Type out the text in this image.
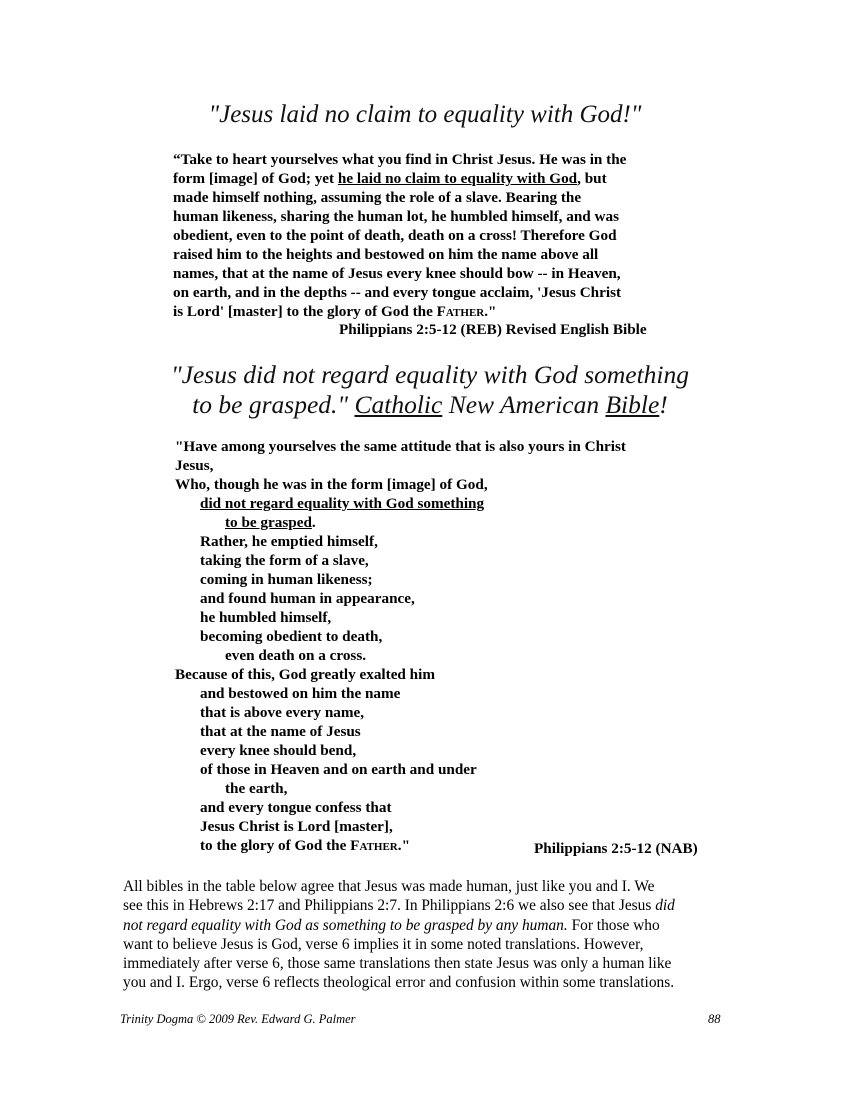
"Jesus laid no claim to equality with God!"
“Take to heart yourselves what you find in Christ Jesus. He was in the
form [image] of God; yet he laid no claim to equality with God, but
made himself nothing, assuming the role of a slave. Bearing the
human likeness, sharing the human lot, he humbled himself, and was
obedient, even to the point of death, death on a cross! Therefore God
raised him to the heights and bestowed on him the name above all
names, that at the name of Jesus every knee should bow -- in Heaven,
on earth, and in the depths -- and every tongue acclaim, 'Jesus Christ
is Lord' [master] to the glory of God the Father."
Philippians 2:5-12 (REB) Revised English Bible
"Jesus did not regard equality with God something
to be grasped." Catholic New American Bible!
"Have among yourselves the same attitude that is also yours in Christ
Jesus,
Who, though he was in the form [image] of God,
did not regard equality with God something
to be grasped.
Rather, he emptied himself,
taking the form of a slave,
coming in human likeness;
and found human in appearance,
he humbled himself,
becoming obedient to death,
even death on a cross.
Because of this, God greatly exalted him
and bestowed on him the name
that is above every name,
that at the name of Jesus
every knee should bend,
of those in Heaven and on earth and under
the earth,
and every tongue confess that
Jesus Christ is Lord [master],
to the glory of God the Father."	Philippians 2:5-12 (NAB)
All bibles in the table below agree that Jesus was made human, just like you and I. We
see this in Hebrews 2:17 and Philippians 2:7. In Philippians 2:6 we also see that Jesus did
not regard equality with God as something to be grasped by any human. For those who
want to believe Jesus is God, verse 6 implies it in some noted translations. However,
immediately after verse 6, those same translations then state Jesus was only a human like
you and I. Ergo, verse 6 reflects theological error and confusion within some translations.
Trinity Dogma © 2009 Rev. Edward G. Palmer	88
